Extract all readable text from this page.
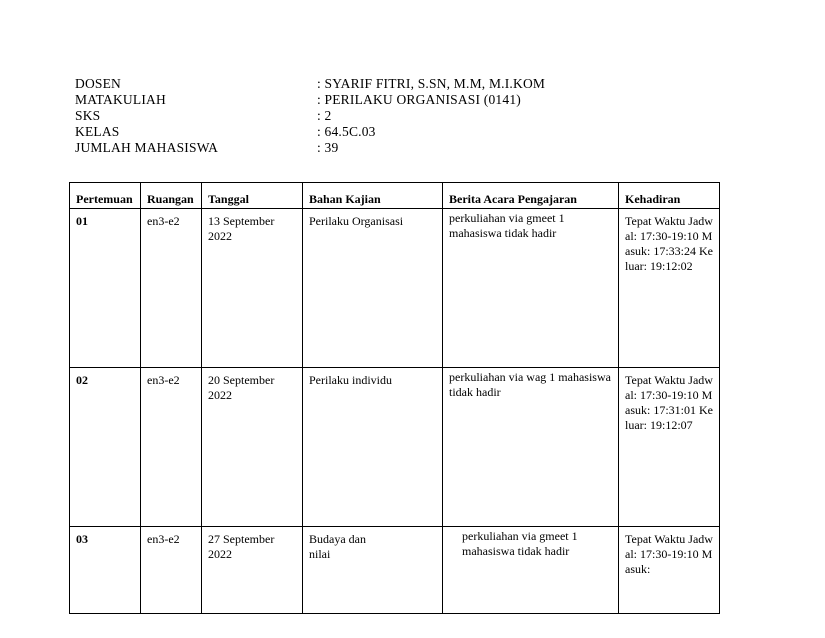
DOSEN	: SYARIF FITRI, S.SN, M.M, M.I.KOM
MATAKULIAH	: PERILAKU ORGANISASI (0141)
SKS	: 2
KELAS	: 64.5C.03
JUMLAH MAHASISWA	: 39
Pertemuan	Ruangan	Tanggal	Bahan Kajian	Berita Acara Pengajaran	Kehadiran
01	en3-e2	13 September 2022	Perilaku Organisasi	perkuliahan via gmeet 1 mahasiswa tidak hadir	Tepat Waktu Jadwal: 17:30-19:10 Masuk: 17:33:24 Keluar: 19:12:02
02	en3-e2	20 September 2022	Perilaku individu	perkuliahan via wag 1 mahasiswa tidak hadir	Tepat Waktu Jadwal: 17:30-19:10 Masuk: 17:31:01 Keluar: 19:12:07
03	en3-e2	27 September 2022	Budaya dan nilai	perkuliahan via gmeet 1 mahasiswa tidak hadir	Tepat Waktu Jadwal: 17:30-19:10 Masuk:
